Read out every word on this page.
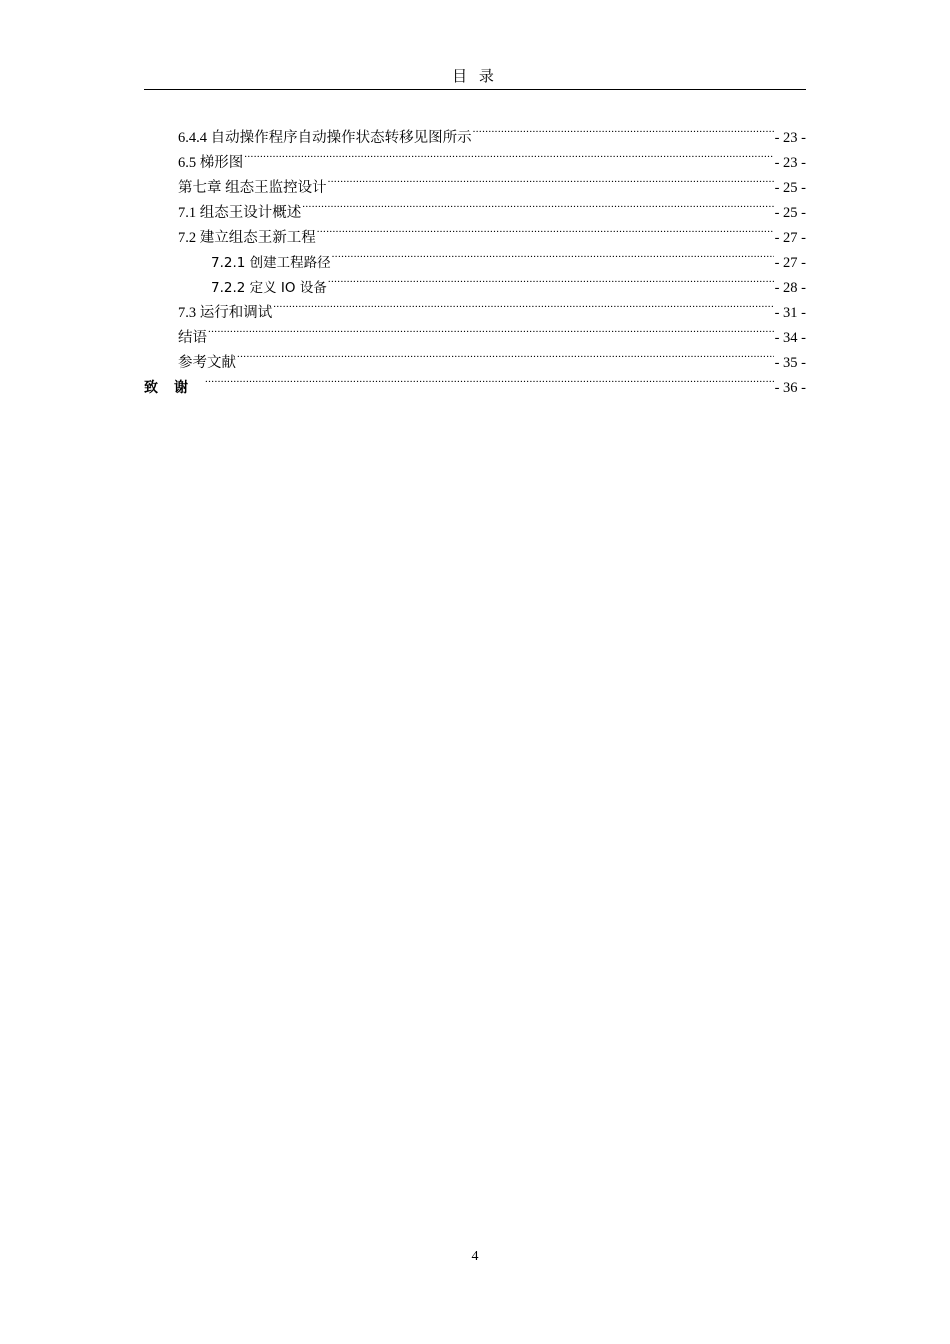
目 录
6.4.4 自动操作程序自动操作状态转移见图所示 .....	- 23 -
6.5 梯形图 .....	- 23 -
第七章 组态王监控设计 .....	- 25 -
7.1 组态王设计概述 .....	- 25 -
7.2 建立组态王新工程 .....	- 27 -
7.2.1 创建工程路径 .....	- 27 -
7.2.2 定义 IO 设备 .....	- 28 -
7.3 运行和调试 .....	- 31 -
结语 .....	- 34 -
参考文献 .....	- 35 -
致谢 .....	- 36 -
4
